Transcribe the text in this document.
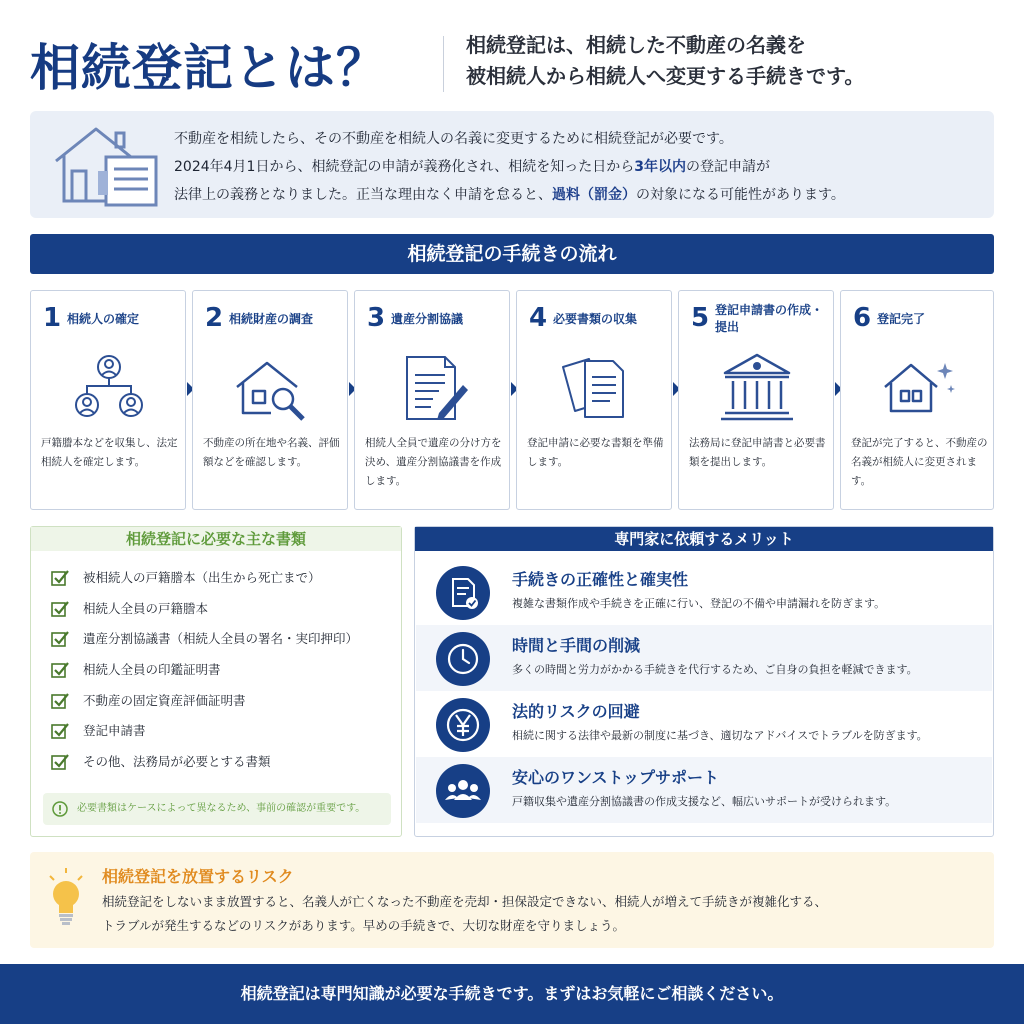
相続登記とは？	相続登記は、相続した不動産の名義を
被相続人から相続人へ変更する手続きです。
不動産を相続したら、その不動産を相続人の名義に変更するために相続登記が必要です。
2024年4月1日から、相続登記の申請が義務化され、相続を知った日から3年以内の登記申請が
法律上の義務となりました。正当な理由なく申請を怠ると、過料（罰金）の対象になる可能性があります。
相続登記の手続きの流れ
1 相続人の確定
戸籍謄本などを収集し、法定相続人を確定します。
2 相続財産の調査
不動産の所在地や名義、評価額などを確認します。
3 遺産分割協議
相続人全員で遺産の分け方を決め、遺産分割協議書を作成します。
4 必要書類の収集
登記申請に必要な書類を準備します。
5 登記申請書の作成・提出
法務局に登記申請書と必要書類を提出します。
6 登記完了
登記が完了すると、不動産の名義が相続人に変更されます。
相続登記に必要な主な書類
被相続人の戸籍謄本（出生から死亡まで）
相続人全員の戸籍謄本
遺産分割協議書（相続人全員の署名・実印押印）
相続人全員の印鑑証明書
不動産の固定資産評価証明書
登記申請書
その他、法務局が必要とする書類
必要書類はケースによって異なるため、事前の確認が重要です。
専門家に依頼するメリット
手続きの正確性と確実性
複雑な書類作成や手続きを正確に行い、登記の不備や申請漏れを防ぎます。
時間と手間の削減
多くの時間と労力がかかる手続きを代行するため、ご自身の負担を軽減できます。
法的リスクの回避
相続に関する法律や最新の制度に基づき、適切なアドバイスでトラブルを防ぎます。
安心のワンストップサポート
戸籍収集や遺産分割協議書の作成支援など、幅広いサポートが受けられます。
相続登記を放置するリスク
相続登記をしないまま放置すると、名義人が亡くなった不動産を売却・担保設定できない、相続人が増えて手続きが複雑化する、
トラブルが発生するなどのリスクがあります。早めの手続きで、大切な財産を守りましょう。
相続登記は専門知識が必要な手続きです。まずはお気軽にご相談ください。
